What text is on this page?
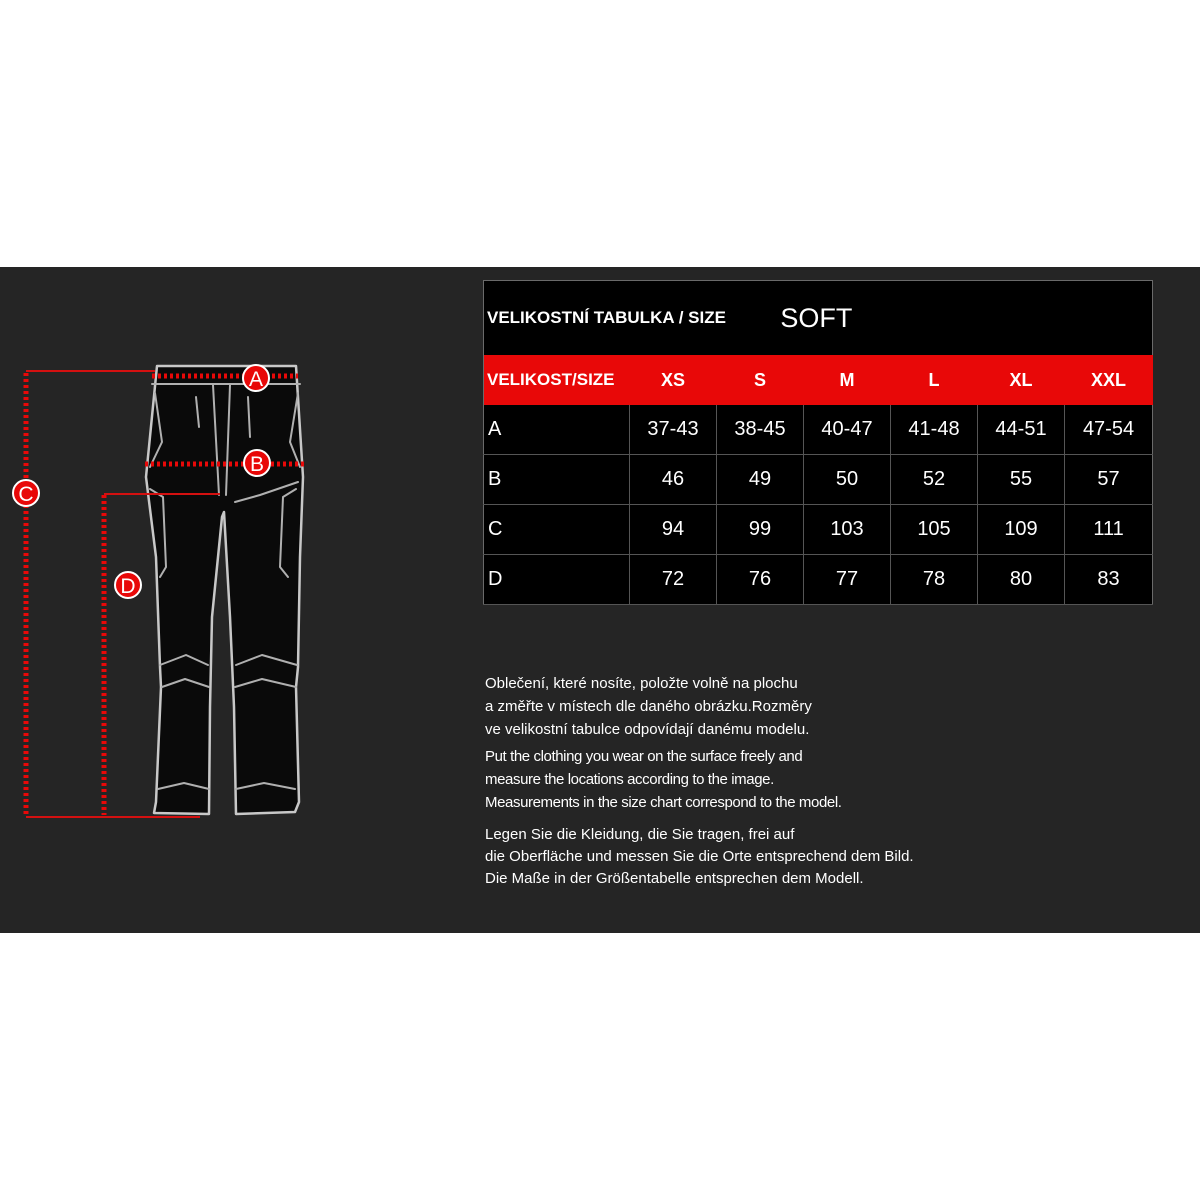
A
B
C
D
VELIKOSTNÍ TABULKA / SIZE SOFT						
VELIKOST/SIZE	XS	S	M	L	XL	XXL
A	37-43	38-45	40-47	41-48	44-51	47-54
B	46	49	50	52	55	57
C	94	99	103	105	109	111
D	72	76	77	78	80	83

Oblečení, které nosíte, položte volně na plochu
a změřte v místech dle daného obrázku.Rozměry
ve velikostní tabulce odpovídají danému modelu.

Put the clothing you wear on the surface freely and
measure the locations according to the image.
Measurements in the size chart correspond to the model.

Legen Sie die Kleidung, die Sie tragen, frei auf
die Oberfläche und messen Sie die Orte entsprechend dem Bild.
Die Maße in der Größentabelle entsprechen dem Modell.
